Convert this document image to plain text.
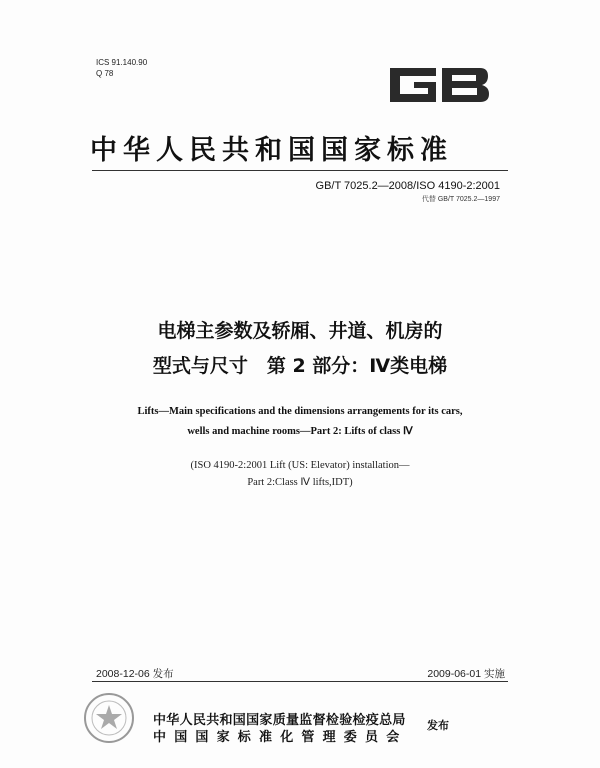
ICS 91.140.90
Q 78
中华人民共和国国家标准
GB/T 7025.2—2008/ISO 4190-2:2001
代替 GB/T 7025.2—1997
电梯主参数及轿厢、井道、机房的
型式与尺寸　第 2 部分：Ⅳ类电梯
Lifts—Main specifications and the dimensions arrangements for its cars,
wells and machine rooms—Part 2: Lifts of class Ⅳ
(ISO 4190-2:2001 Lift (US: Elevator) installation—
Part 2:Class Ⅳ lifts,IDT)
2008-12-06 发布	2009-06-01 实施
中华人民共和国国家质量监督检验检疫总局
中国国家标准化管理委员会
发布
